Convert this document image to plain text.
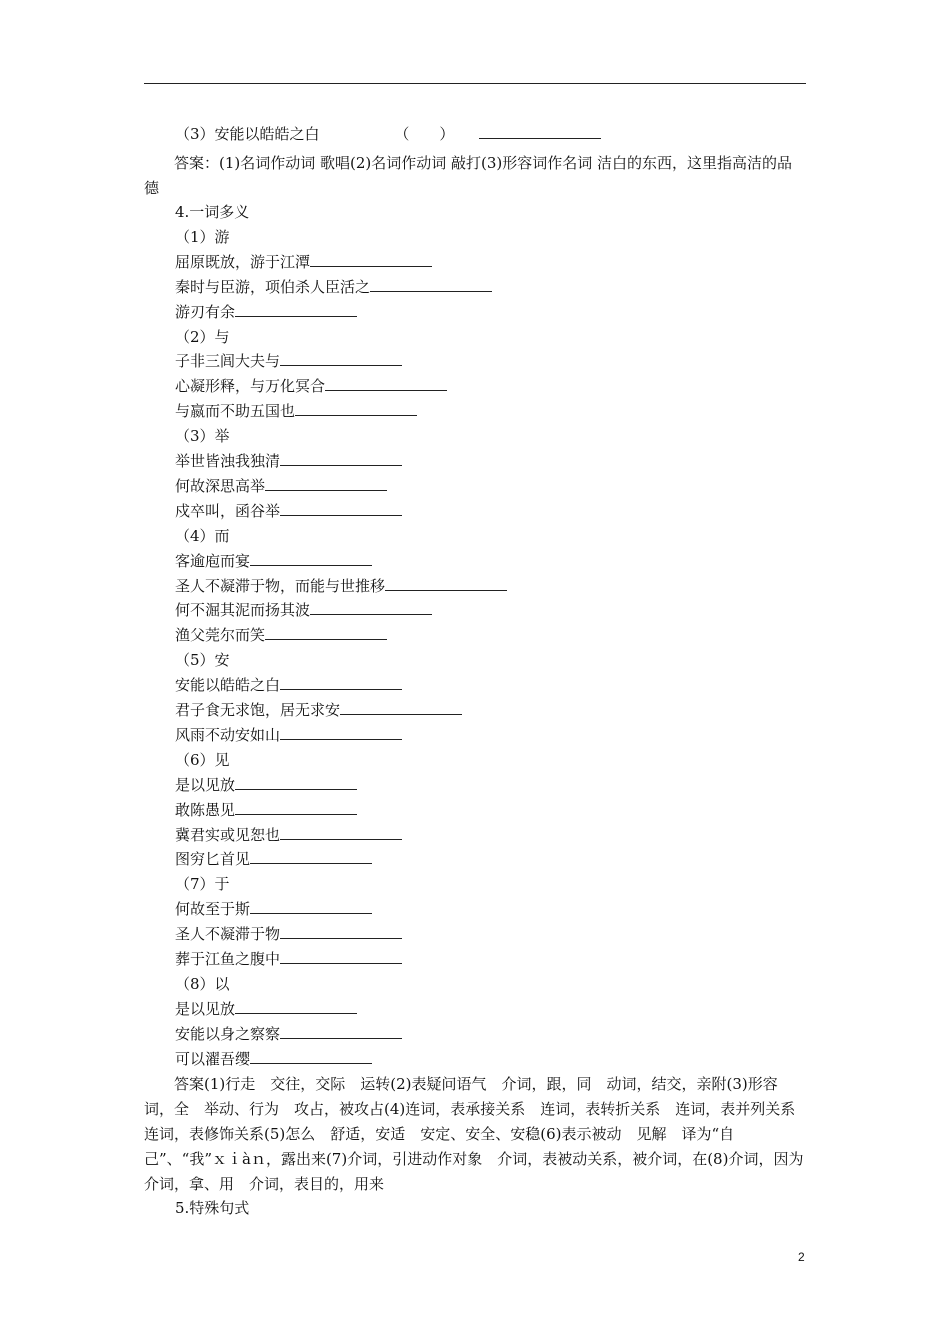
（3）安能以皓皓之白	（　　）
答案：(1)名词作动词 歌唱(2)名词作动词 敲打(3)形容词作名词 洁白的东西，这里指高洁的品德
4.一词多义
（1）游
屈原既放，游于江潭
秦时与臣游，项伯杀人臣活之
游刃有余
（2）与
子非三闾大夫与
心凝形释，与万化冥合
与嬴而不助五国也
（3）举
举世皆浊我独清
何故深思高举
戍卒叫，函谷举
（4）而
客逾庖而宴
圣人不凝滞于物，而能与世推移
何不淈其泥而扬其波
渔父莞尔而笑
（5）安
安能以皓皓之白
君子食无求饱，居无求安
风雨不动安如山
（6）见
是以见放
敢陈愚见
冀君实或见恕也
图穷匕首见
（7）于
何故至于斯
圣人不凝滞于物
葬于江鱼之腹中
（8）以
是以见放
安能以身之察察
可以濯吾缨
答案(1)行走　交往，交际　运转(2)表疑问语气　介词，跟，同　动词，结交，亲附(3)形容词，全　举动、行为　攻占，被攻占(4)连词，表承接关系　连词，表转折关系　连词，表并列关系　连词，表修饰关系(5)怎么　舒适，安适　安定、安全、安稳(6)表示被动　见解　译为“自己”、“我”ｘｉàｎ，露出来(7)介词，引进动作对象　介词，表被动关系，被介词，在(8)介词，因为　介词，拿、用　介词，表目的，用来
5.特殊句式
2
